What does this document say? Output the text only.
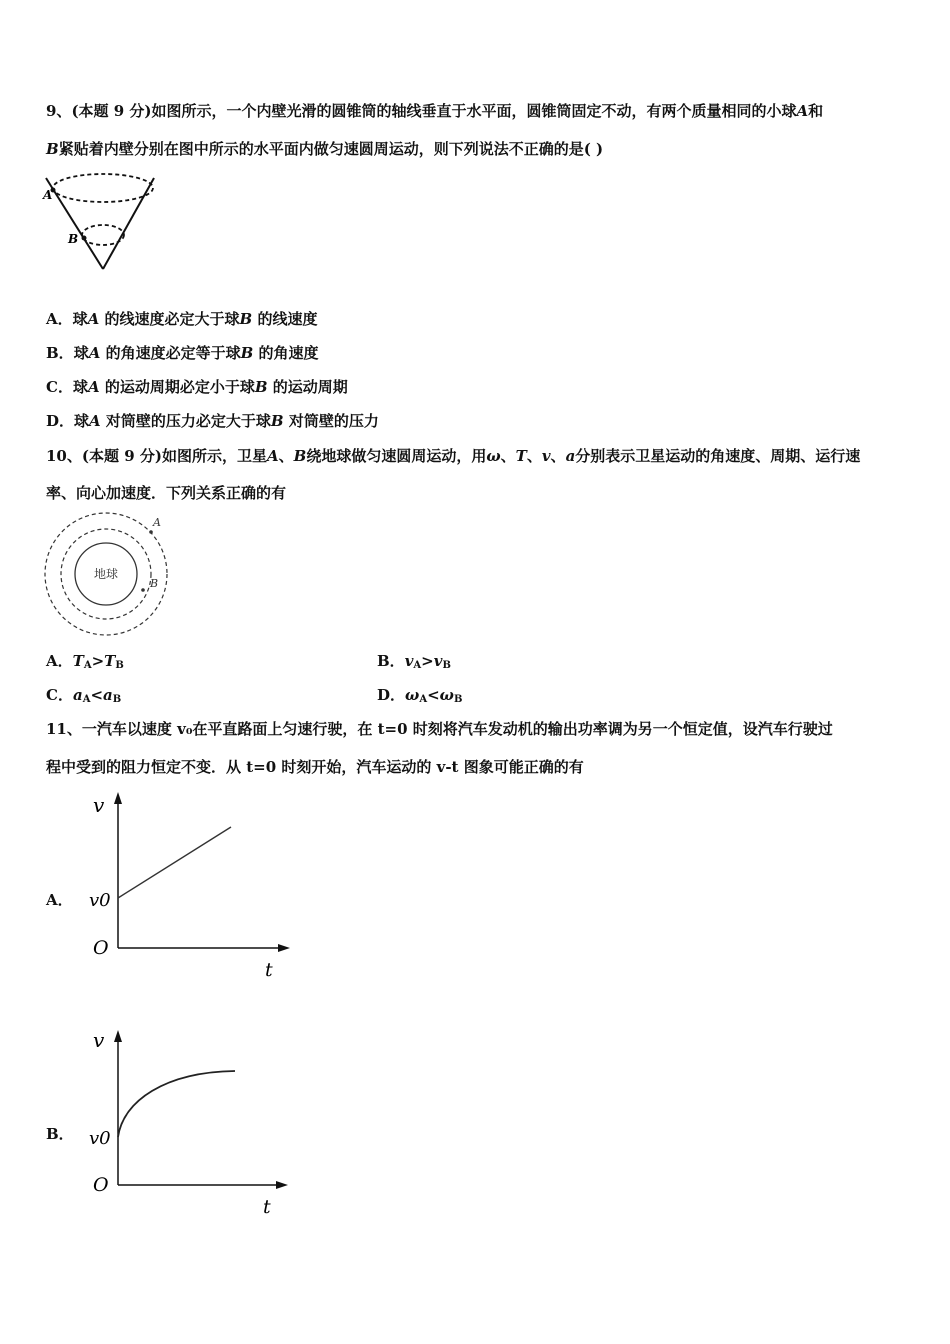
9、(本题 9 分)如图所示，一个内壁光滑的圆锥筒的轴线垂直于水平面，圆锥筒固定不动，有两个质量相同的小球A和
B紧贴着内壁分别在图中所示的水平面内做匀速圆周运动，则下列说法不正确的是( )
A
B
A．球A 的线速度必定大于球B 的线速度
B．球A 的角速度必定等于球B 的角速度
C．球A 的运动周期必定小于球B 的运动周期
D．球A 对筒壁的压力必定大于球B 对筒壁的压力
10、(本题 9 分)如图所示，卫星A、B绕地球做匀速圆周运动，用ω、T、v、a分别表示卫星运动的角速度、周期、运行速
率、向心加速度．下列关系正确的有
地球
A
B
A．$T_A>T_B$	B．$v_A>v_B$
C．$a_A<a_B$	D．$\omega_A<\omega_B$
11、一汽车以速度 v₀在平直路面上匀速行驶，在 t=0 时刻将汽车发动机的输出功率调为另一个恒定值，设汽车行驶过
程中受到的阻力恒定不变．从 t=0 时刻开始，汽车运动的 v-t 图象可能正确的有
A．
v
v0
O
t
B．
v
v0
O
t
